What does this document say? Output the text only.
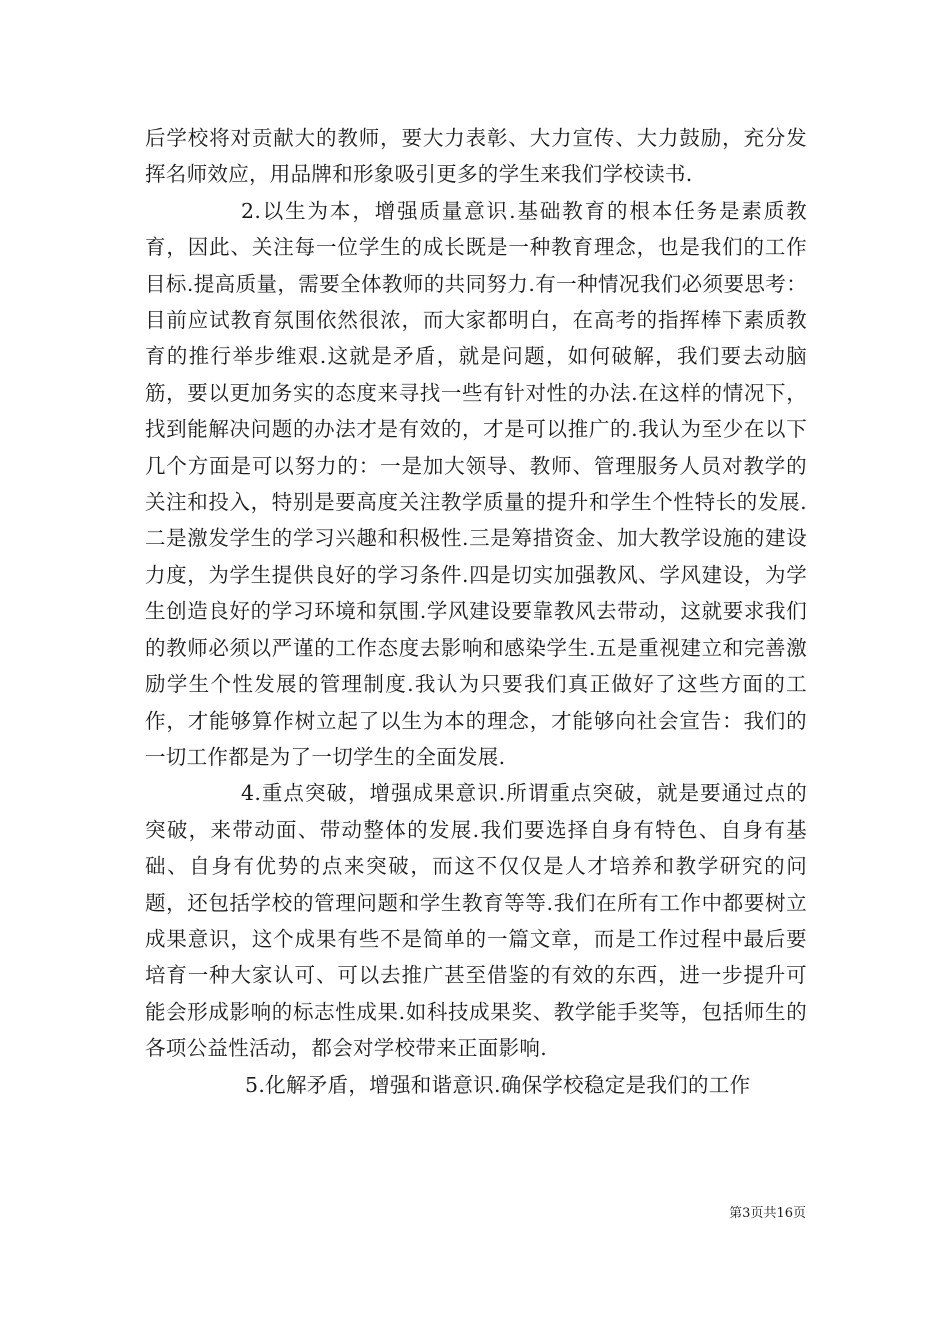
后学校将对贡献大的教师，要大力表彰、大力宣传、大力鼓励，充分发挥名师效应，用品牌和形象吸引更多的学生来我们学校读书.

2.以生为本，增强质量意识.基础教育的根本任务是素质教育，因此、关注每一位学生的成长既是一种教育理念，也是我们的工作目标.提高质量，需要全体教师的共同努力.有一种情况我们必须要思考：目前应试教育氛围依然很浓，而大家都明白，在高考的指挥棒下素质教育的推行举步维艰.这就是矛盾，就是问题，如何破解，我们要去动脑筋，要以更加务实的态度来寻找一些有针对性的办法.在这样的情况下，找到能解决问题的办法才是有效的，才是可以推广的.我认为至少在以下几个方面是可以努力的：一是加大领导、教师、管理服务人员对教学的关注和投入，特别是要高度关注教学质量的提升和学生个性特长的发展.二是激发学生的学习兴趣和积极性.三是筹措资金、加大教学设施的建设力度，为学生提供良好的学习条件.四是切实加强教风、学风建设，为学生创造良好的学习环境和氛围.学风建设要靠教风去带动，这就要求我们的教师必须以严谨的工作态度去影响和感染学生.五是重视建立和完善激励学生个性发展的管理制度.我认为只要我们真正做好了这些方面的工作，才能够算作树立起了以生为本的理念，才能够向社会宣告：我们的一切工作都是为了一切学生的全面发展.

4.重点突破，增强成果意识.所谓重点突破，就是要通过点的突破，来带动面、带动整体的发展.我们要选择自身有特色、自身有基础、自身有优势的点来突破，而这不仅仅是人才培养和教学研究的问题，还包括学校的管理问题和学生教育等等.我们在所有工作中都要树立成果意识，这个成果有些不是简单的一篇文章，而是工作过程中最后要培育一种大家认可、可以去推广甚至借鉴的有效的东西，进一步提升可能会形成影响的标志性成果.如科技成果奖、教学能手奖等，包括师生的各项公益性活动，都会对学校带来正面影响.

5.化解矛盾，增强和谐意识.确保学校稳定是我们的工作

第3页共16页
